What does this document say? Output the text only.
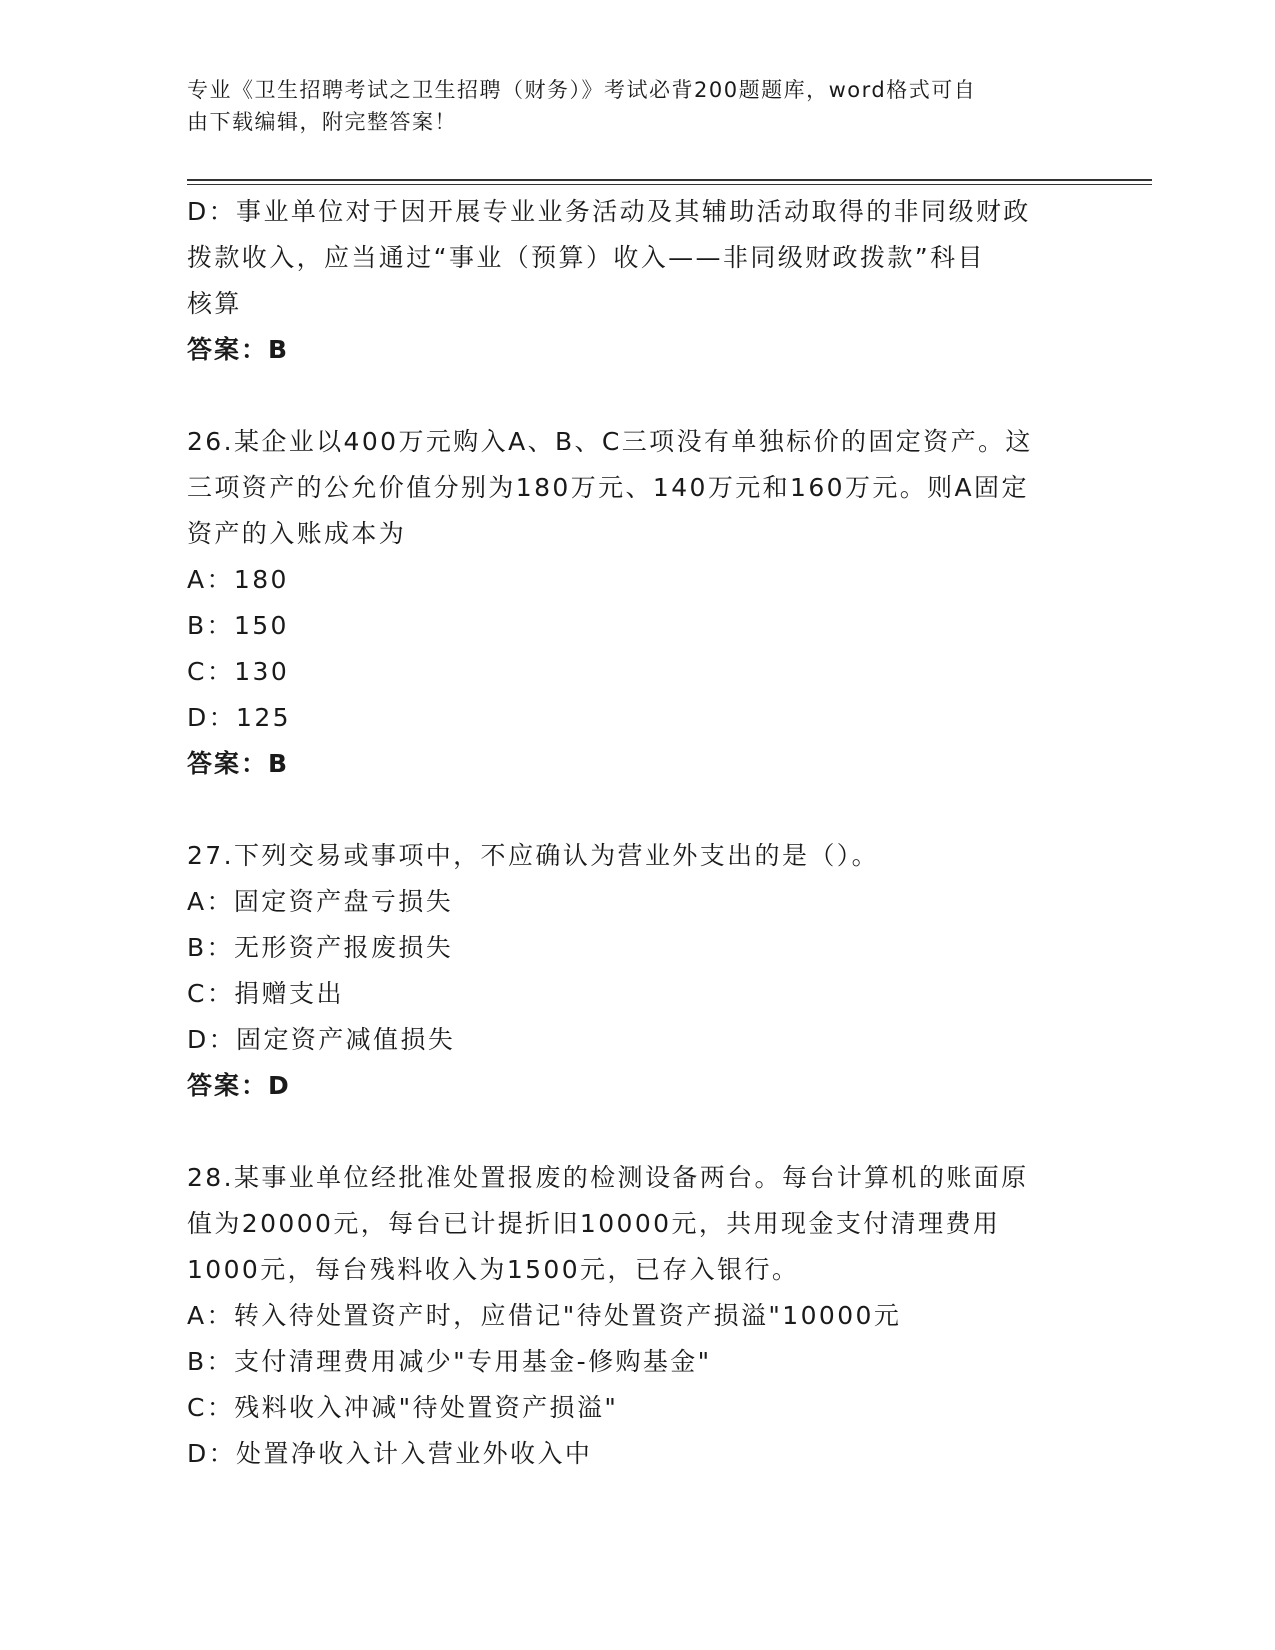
专业《卫生招聘考试之卫生招聘（财务）》考试必背200题题库，word格式可自
由下载编辑，附完整答案！
D：事业单位对于因开展专业业务活动及其辅助活动取得的非同级财政
拨款收入，应当通过“事业（预算）收入——非同级财政拨款”科目
核算
答案：B
26.某企业以400万元购入A、B、C三项没有单独标价的固定资产。这
三项资产的公允价值分别为180万元、140万元和160万元。则A固定
资产的入账成本为
A：180
B：150
C：130
D：125
答案：B
27.下列交易或事项中，不应确认为营业外支出的是（）。
A：固定资产盘亏损失
B：无形资产报废损失
C：捐赠支出
D：固定资产减值损失
答案：D
28.某事业单位经批准处置报废的检测设备两台。每台计算机的账面原
值为20000元，每台已计提折旧10000元，共用现金支付清理费用
1000元，每台残料收入为1500元，已存入银行。
A：转入待处置资产时，应借记"待处置资产损溢"10000元
B：支付清理费用减少"专用基金-修购基金"
C：残料收入冲减"待处置资产损溢"
D：处置净收入计入营业外收入中
